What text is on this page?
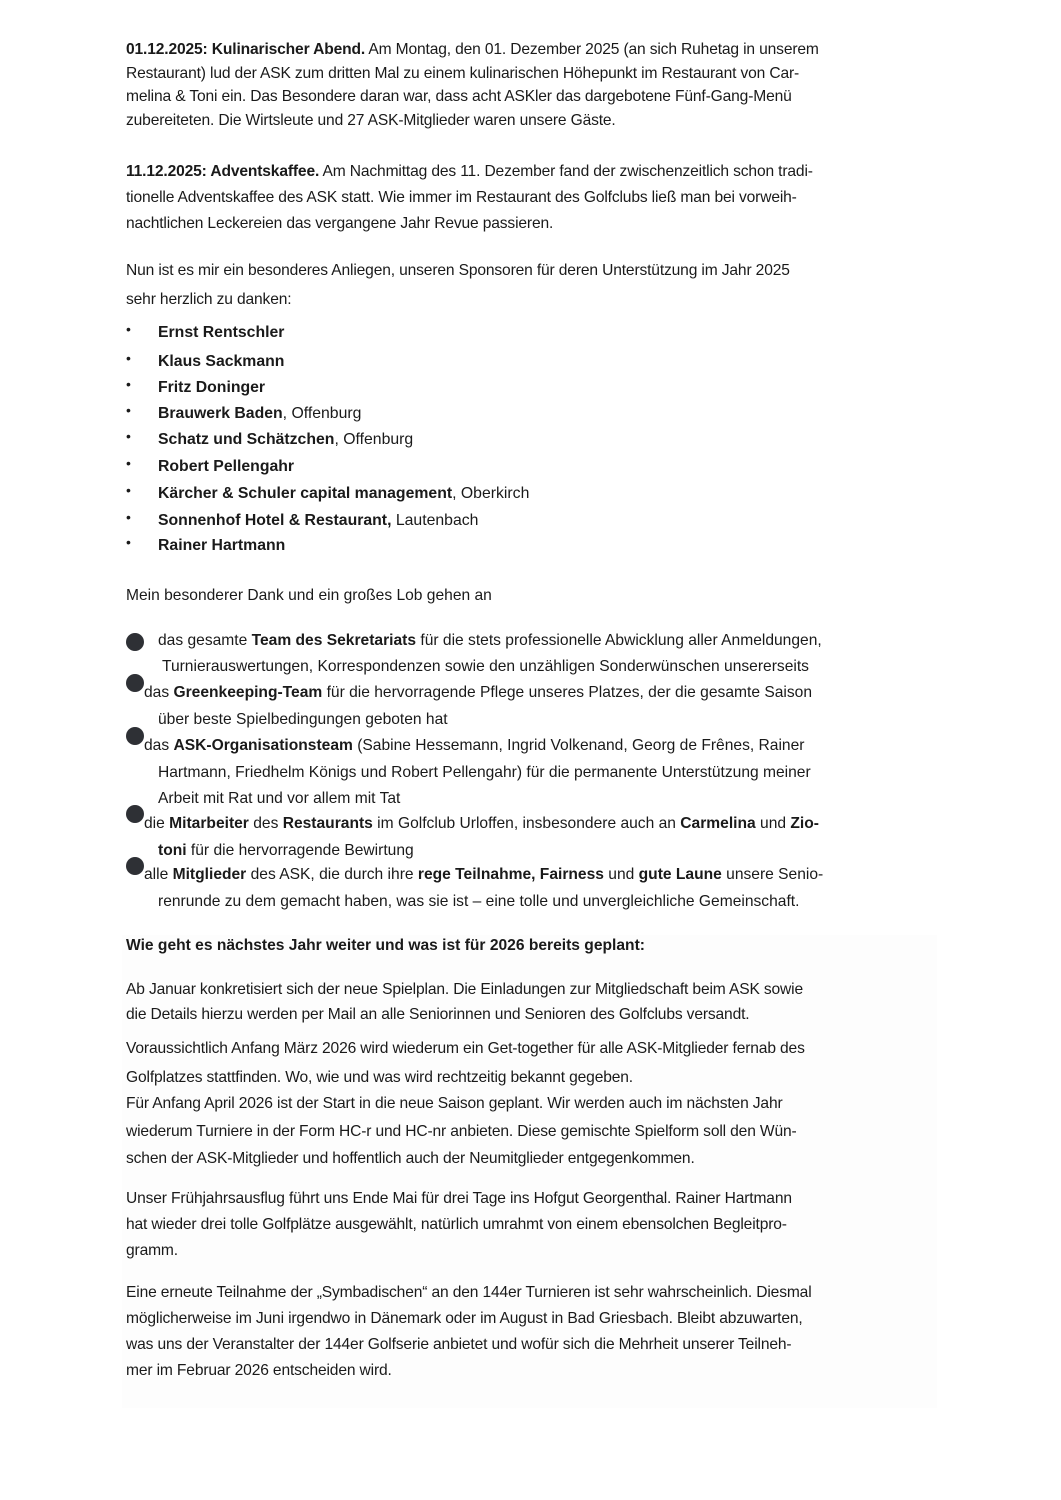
01.12.2025: Kulinarischer Abend. Am Montag, den 01. Dezember 2025 (an sich Ruhetag in unserem
Restaurant) lud der ASK zum dritten Mal zu einem kulinarischen Höhepunkt im Restaurant von Car-
melina & Toni ein. Das Besondere daran war, dass acht ASKler das dargebotene Fünf-Gang-Menü
zubereiteten. Die Wirtsleute und 27 ASK-Mitglieder waren unsere Gäste.
11.12.2025: Adventskaffee. Am Nachmittag des 11. Dezember fand der zwischenzeitlich schon tradi-
tionelle Adventskaffee des ASK statt. Wie immer im Restaurant des Golfclubs ließ man bei vorweih-
nachtlichen Leckereien das vergangene Jahr Revue passieren.
Nun ist es mir ein besonderes Anliegen, unseren Sponsoren für deren Unterstützung im Jahr 2025
sehr herzlich zu danken:
• Ernst Rentschler
• Klaus Sackmann
• Fritz Doninger
• Brauwerk Baden, Offenburg
• Schatz und Schätzchen, Offenburg
• Robert Pellengahr
• Kärcher & Schuler capital management, Oberkirch
• Sonnenhof Hotel & Restaurant, Lautenbach
• Rainer Hartmann
Mein besonderer Dank und ein großes Lob gehen an
das gesamte Team des Sekretariats für die stets professionelle Abwicklung aller Anmeldungen,
Turnierauswertungen, Korrespondenzen sowie den unzähligen Sonderwünschen unsererseits
das Greenkeeping-Team für die hervorragende Pflege unseres Platzes, der die gesamte Saison
über beste Spielbedingungen geboten hat
das ASK-Organisationsteam (Sabine Hessemann, Ingrid Volkenand, Georg de Frênes, Rainer
Hartmann, Friedhelm Königs und Robert Pellengahr) für die permanente Unterstützung meiner
Arbeit mit Rat und vor allem mit Tat
die Mitarbeiter des Restaurants im Golfclub Urloffen, insbesondere auch an Carmelina und Zio-
toni für die hervorragende Bewirtung
alle Mitglieder des ASK, die durch ihre rege Teilnahme, Fairness und gute Laune unsere Senio-
renrunde zu dem gemacht haben, was sie ist – eine tolle und unvergleichliche Gemeinschaft.
Wie geht es nächstes Jahr weiter und was ist für 2026 bereits geplant:
Ab Januar konkretisiert sich der neue Spielplan. Die Einladungen zur Mitgliedschaft beim ASK sowie
die Details hierzu werden per Mail an alle Seniorinnen und Senioren des Golfclubs versandt.
Voraussichtlich Anfang März 2026 wird wiederum ein Get-together für alle ASK-Mitglieder fernab des
Golfplatzes stattfinden. Wo, wie und was wird rechtzeitig bekannt gegeben.
Für Anfang April 2026 ist der Start in die neue Saison geplant. Wir werden auch im nächsten Jahr
wiederum Turniere in der Form HC-r und HC-nr anbieten. Diese gemischte Spielform soll den Wün-
schen der ASK-Mitglieder und hoffentlich auch der Neumitglieder entgegenkommen.
Unser Frühjahrsausflug führt uns Ende Mai für drei Tage ins Hofgut Georgenthal. Rainer Hartmann
hat wieder drei tolle Golfplätze ausgewählt, natürlich umrahmt von einem ebensolchen Begleitpro-
gramm.
Eine erneute Teilnahme der „Symbadischen“ an den 144er Turnieren ist sehr wahrscheinlich. Diesmal
möglicherweise im Juni irgendwo in Dänemark oder im August in Bad Griesbach. Bleibt abzuwarten,
was uns der Veranstalter der 144er Golfserie anbietet und wofür sich die Mehrheit unserer Teilneh-
mer im Februar 2026 entscheiden wird.
